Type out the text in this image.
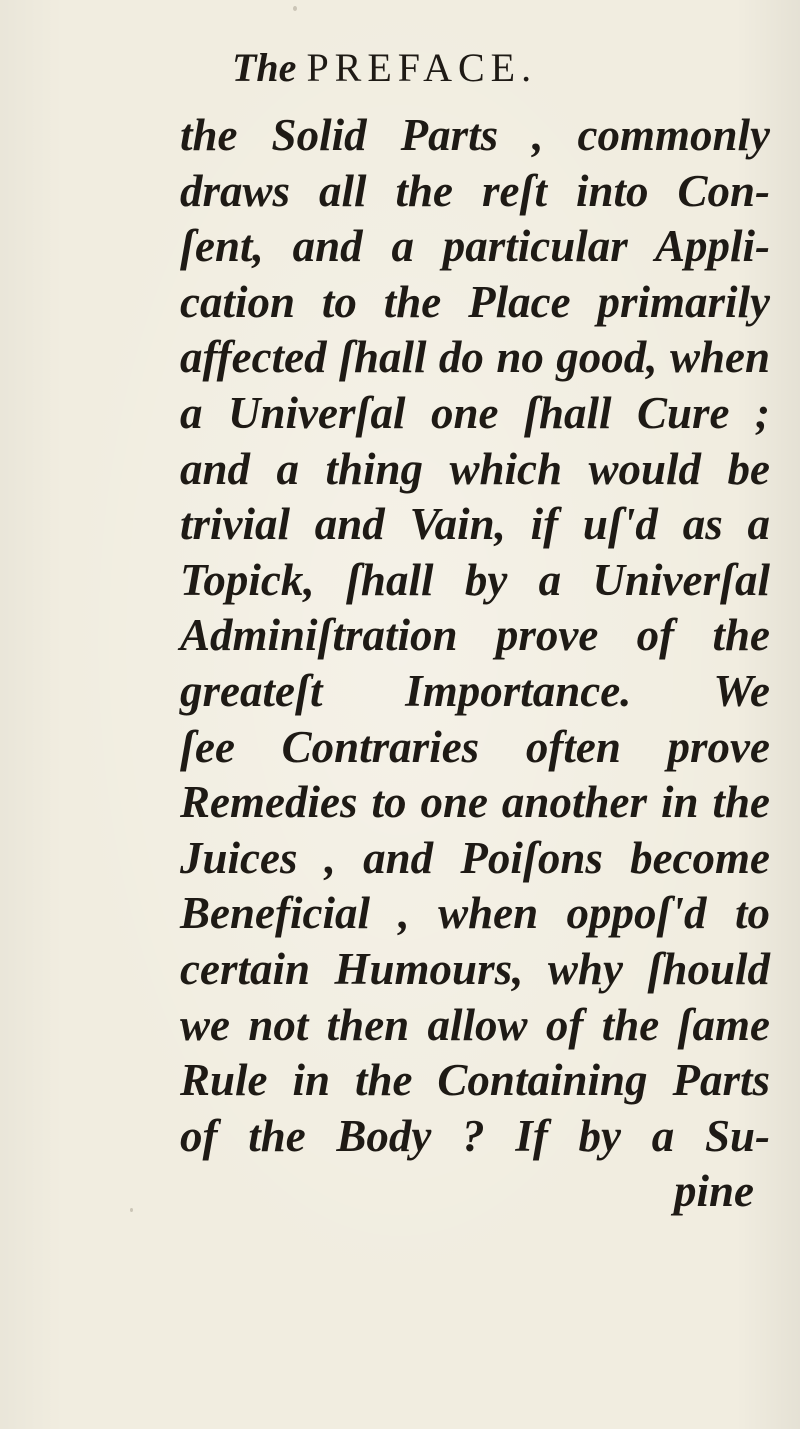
The PREFACE.
the Solid Parts , commonly
draws all the reſt into Con-
ſent, and a particular Appli-
cation to the Place primarily
affected ſhall do no good, when
a Univerſal one ſhall Cure ;
and a thing which would be
trivial and Vain, if uſ'd as a
Topick, ſhall by a Univerſal
Adminiſtration prove of the
greateſt Importance. We
ſee Contraries often prove
Remedies to one another in the
Juices , and Poiſons become
Beneficial , when oppoſ'd to
certain Humours, why ſhould
we not then allow of the ſame
Rule in the Containing Parts
of the Body ? If by a Su-
pine
